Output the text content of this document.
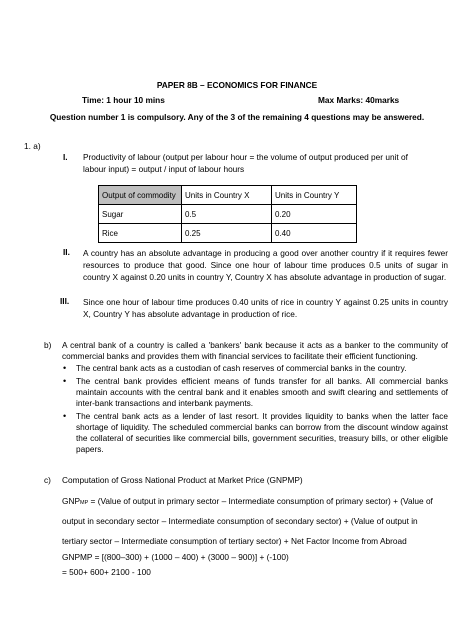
PAPER 8B – ECONOMICS FOR FINANCE
Time: 1 hour 10 mins	Max Marks: 40marks
Question number 1 is compulsory. Any of the 3 of the remaining 4 questions may be answered.
1. a)
I. Productivity of labour (output per labour hour = the volume of output produced per unit of
labour input) = output / input of labour hours
Output of commodity	Units in Country X	Units in Country Y
Sugar	0.5	0.20
Rice	0.25	0.40
II. A country has an absolute advantage in producing a good over another country if it requires fewer resources to produce that good. Since one hour of labour time produces 0.5 units of sugar in country X against 0.20 units in country Y, Country X has absolute advantage in production of sugar.
III. Since one hour of labour time produces 0.40 units of rice in country Y against 0.25 units in country X, Country Y has absolute advantage in production of rice.
b) A central bank of a country is called a 'bankers' bank because it acts as a banker to the community of commercial banks and provides them with financial services to facilitate their efficient functioning.
• The central bank acts as a custodian of cash reserves of commercial banks in the country.
• The central bank provides efficient means of funds transfer for all banks. All commercial banks maintain accounts with the central bank and it enables smooth and swift clearing and settlements of inter-bank transactions and interbank payments.
• The central bank acts as a lender of last resort. It provides liquidity to banks when the latter face shortage of liquidity. The scheduled commercial banks can borrow from the discount window against the collateral of securities like commercial bills, government securities, treasury bills, or other eligible papers.
c) Computation of Gross National Product at Market Price (GNPMP)
GNPMP = (Value of output in primary sector – Intermediate consumption of primary sector) + (Value of
output in secondary sector – Intermediate consumption of secondary sector) + (Value of output in
tertiary sector – Intermediate consumption of tertiary sector) + Net Factor Income from Abroad
GNPMP = [(800–300) + (1000 – 400) + (3000 – 900)] + (-100)
= 500+ 600+ 2100 - 100
